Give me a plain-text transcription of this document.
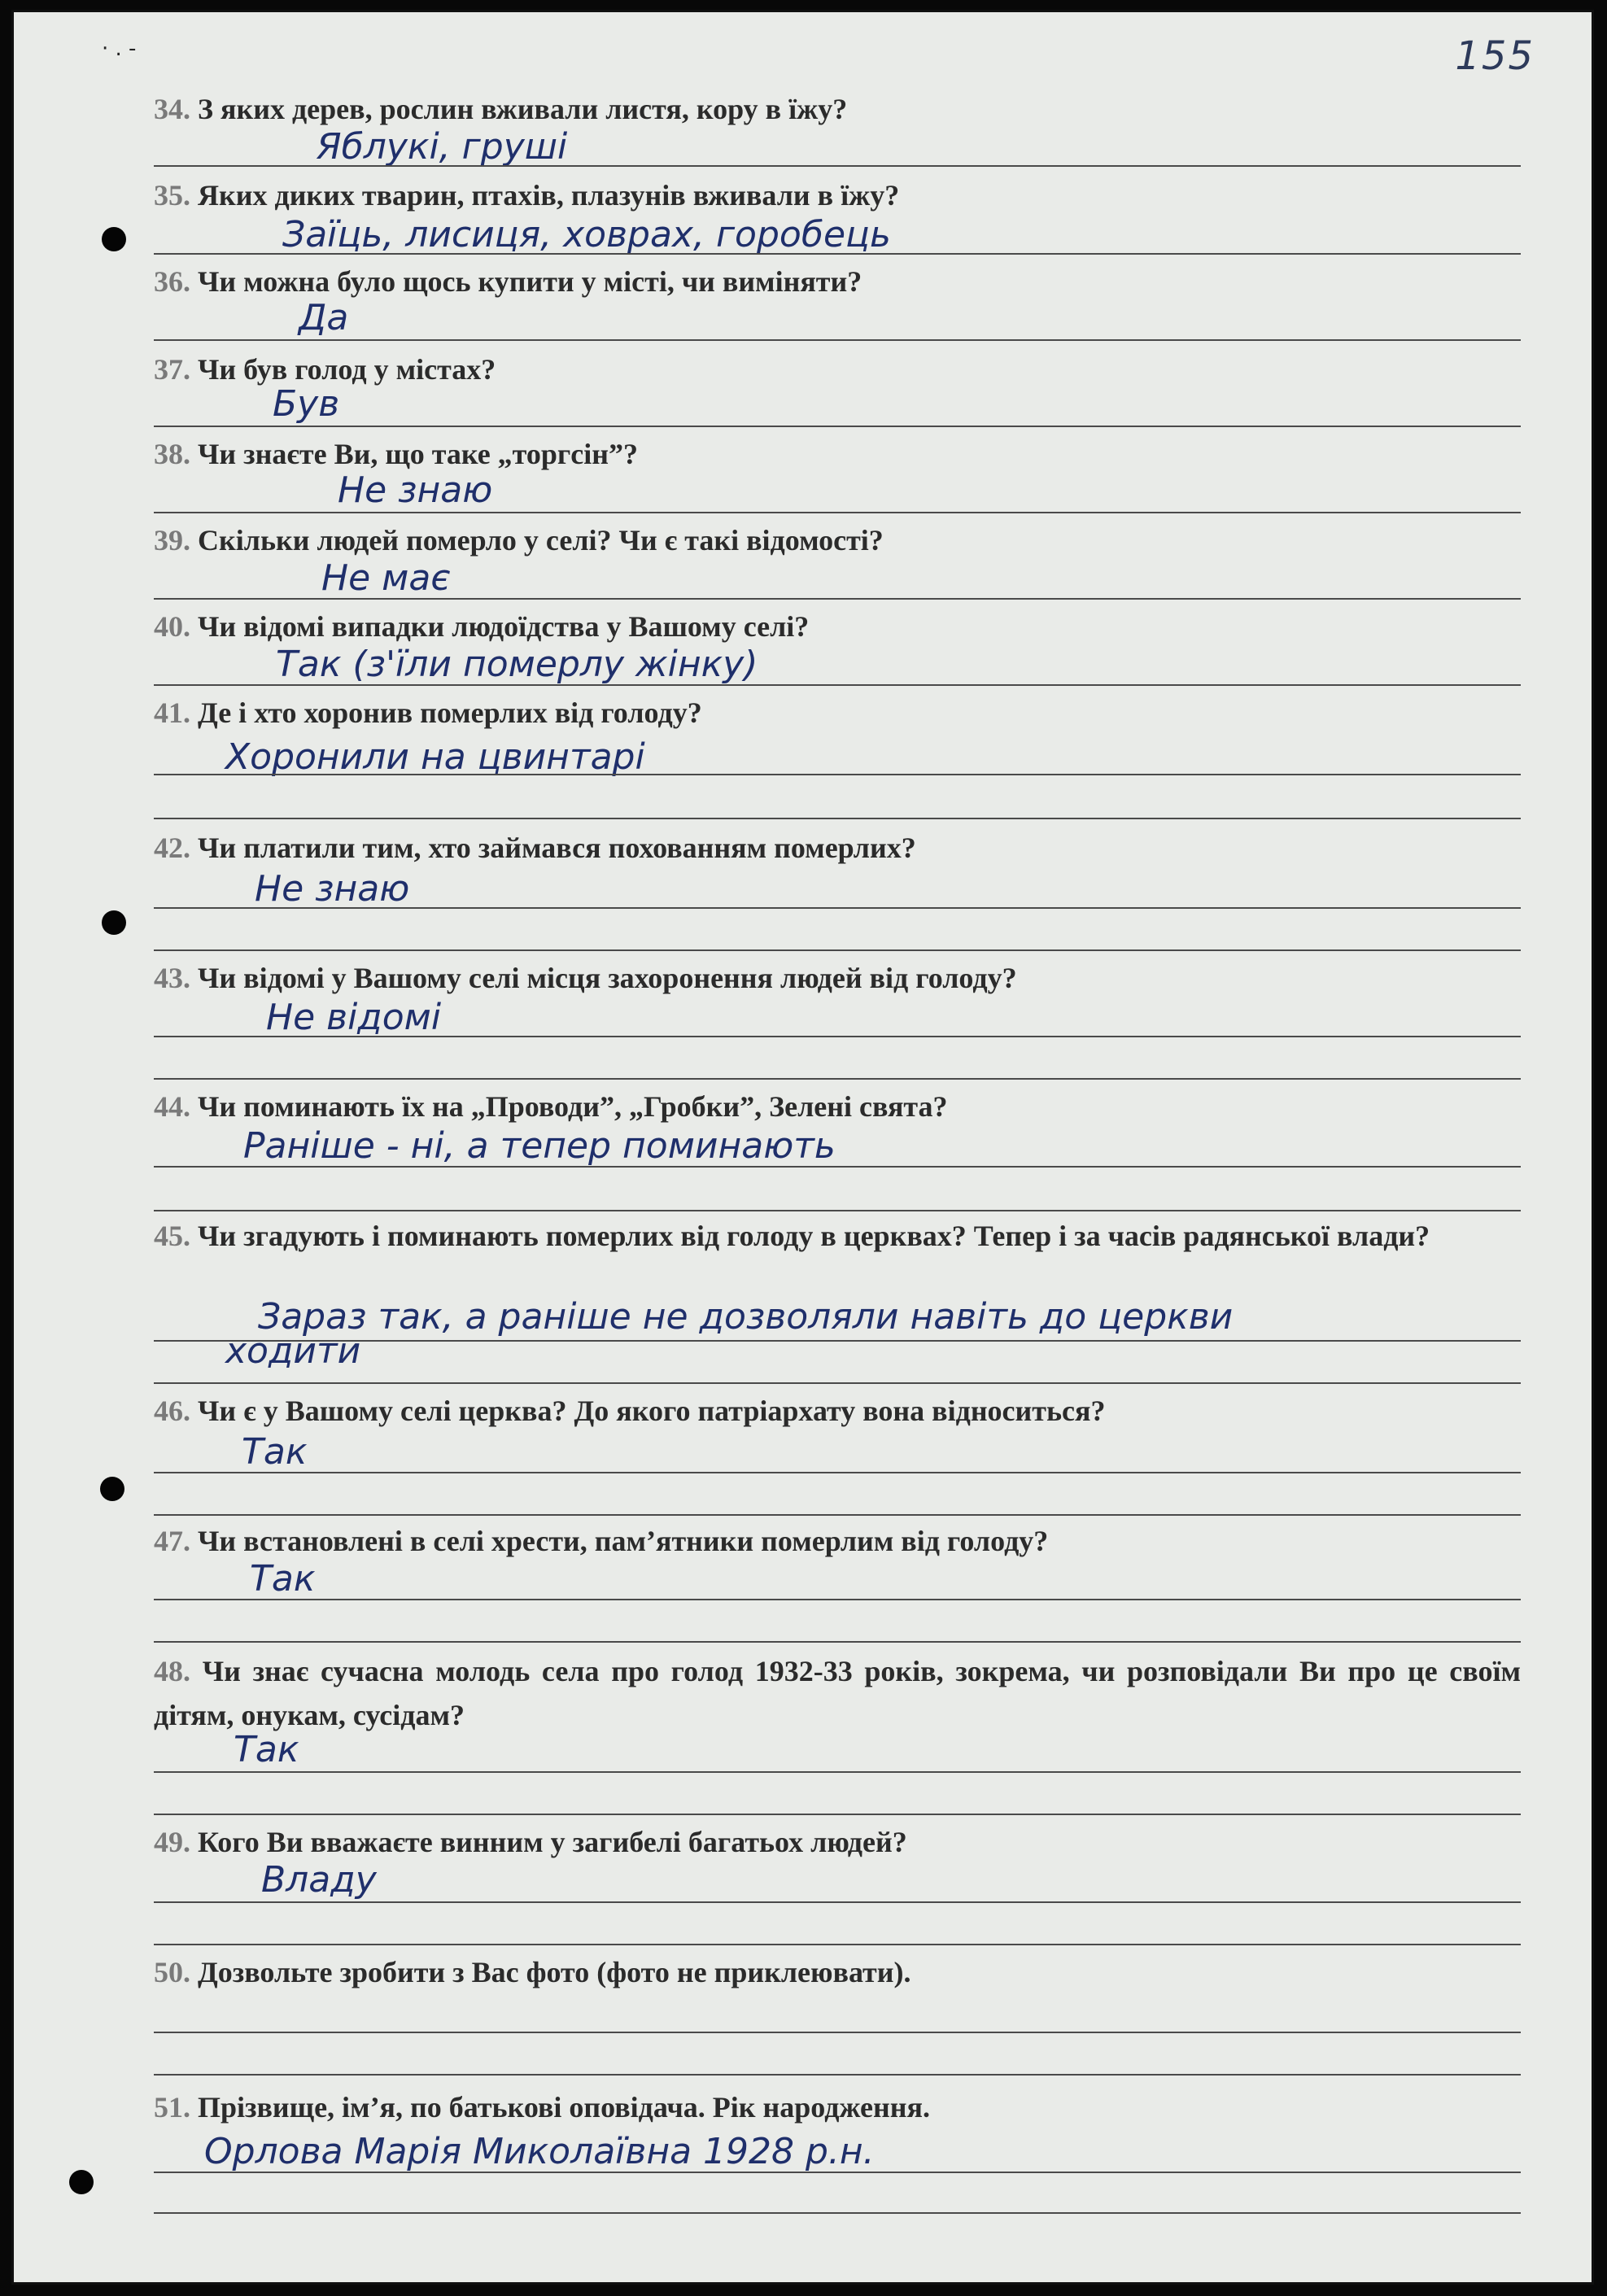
· . -	155
34. З яких дерев, рослин вживали листя, кору в їжу?
Яблукі, груші
35. Яких диких тварин, птахів, плазунів вживали в їжу?
Заїць, лисиця, ховрах, горобець
36. Чи можна було щось купити у місті, чи виміняти?
Да
37. Чи був голод у містах?
Був
38. Чи знаєте Ви, що таке „торгсін”?
Не знаю
39. Скільки людей померло у селі? Чи є такі відомості?
Не має
40. Чи відомі випадки людоїдства у Вашому селі?
Так (з'їли померлу жінку)
41. Де і хто хоронив померлих від голоду?
Хоронили на цвинтарі
42. Чи платили тим, хто займався похованням померлих?
Не знаю
43. Чи відомі у Вашому селі місця захоронення людей від голоду?
Не відомі
44. Чи поминають їх на „Проводи”, „Гробки”, Зелені свята?
Раніше - ні, а тепер поминають
45. Чи згадують і поминають померлих від голоду в церквах? Тепер і за часів радянської влади?
Зараз так, а раніше не дозволяли навіть до церкви
ходити
46. Чи є у Вашому селі церква? До якого патріархату вона відноситься?
Так
47. Чи встановлені в селі хрести, пам’ятники померлим від голоду?
Так
48. Чи знає сучасна молодь села про голод 1932-33 років, зокрема, чи розповідали Ви про це своїм дітям, онукам, сусідам?
Так
49. Кого Ви вважаєте винним у загибелі багатьох людей?
Владу
50. Дозвольте зробити з Вас фото (фото не приклеювати).
51. Прізвище, ім’я, по батькові оповідача. Рік народження.
Орлова Марія Миколаївна 1928 р.н.
